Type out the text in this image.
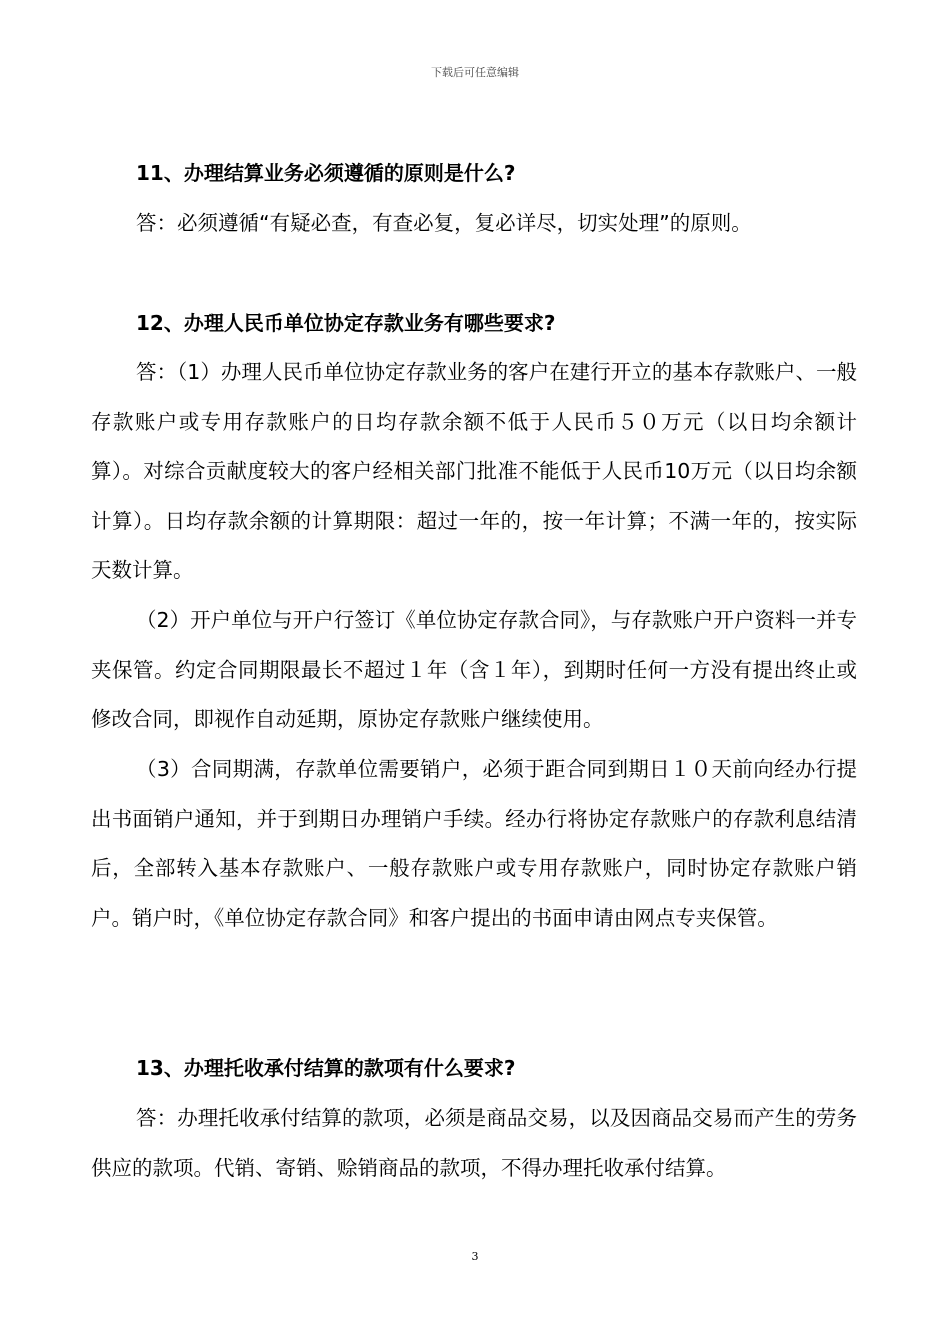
下载后可任意编辑
11、办理结算业务必须遵循的原则是什么?
答：必须遵循“有疑必查，有查必复，复必详尽，切实处理”的原则。
12、办理人民币单位协定存款业务有哪些要求?
答：（1）办理人民币单位协定存款业务的客户在建行开立的基本存款账户、一般存款账户或专用存款账户的日均存款余额不低于人民币５０万元（以日均余额计算）。对综合贡献度较大的客户经相关部门批准不能低于人民币10万元（以日均余额计算）。日均存款余额的计算期限：超过一年的，按一年计算；不满一年的，按实际天数计算。
（2）开户单位与开户行签订《单位协定存款合同》，与存款账户开户资料一并专夹保管。约定合同期限最长不超过１年（含１年），到期时任何一方没有提出终止或修改合同，即视作自动延期，原协定存款账户继续使用。
（3）合同期满，存款单位需要销户，必须于距合同到期日１０天前向经办行提出书面销户通知，并于到期日办理销户手续。经办行将协定存款账户的存款利息结清后，全部转入基本存款账户、一般存款账户或专用存款账户，同时协定存款账户销户。销户时，《单位协定存款合同》和客户提出的书面申请由网点专夹保管。
13、办理托收承付结算的款项有什么要求?
答：办理托收承付结算的款项，必须是商品交易，以及因商品交易而产生的劳务供应的款项。代销、寄销、赊销商品的款项，不得办理托收承付结算。
3
